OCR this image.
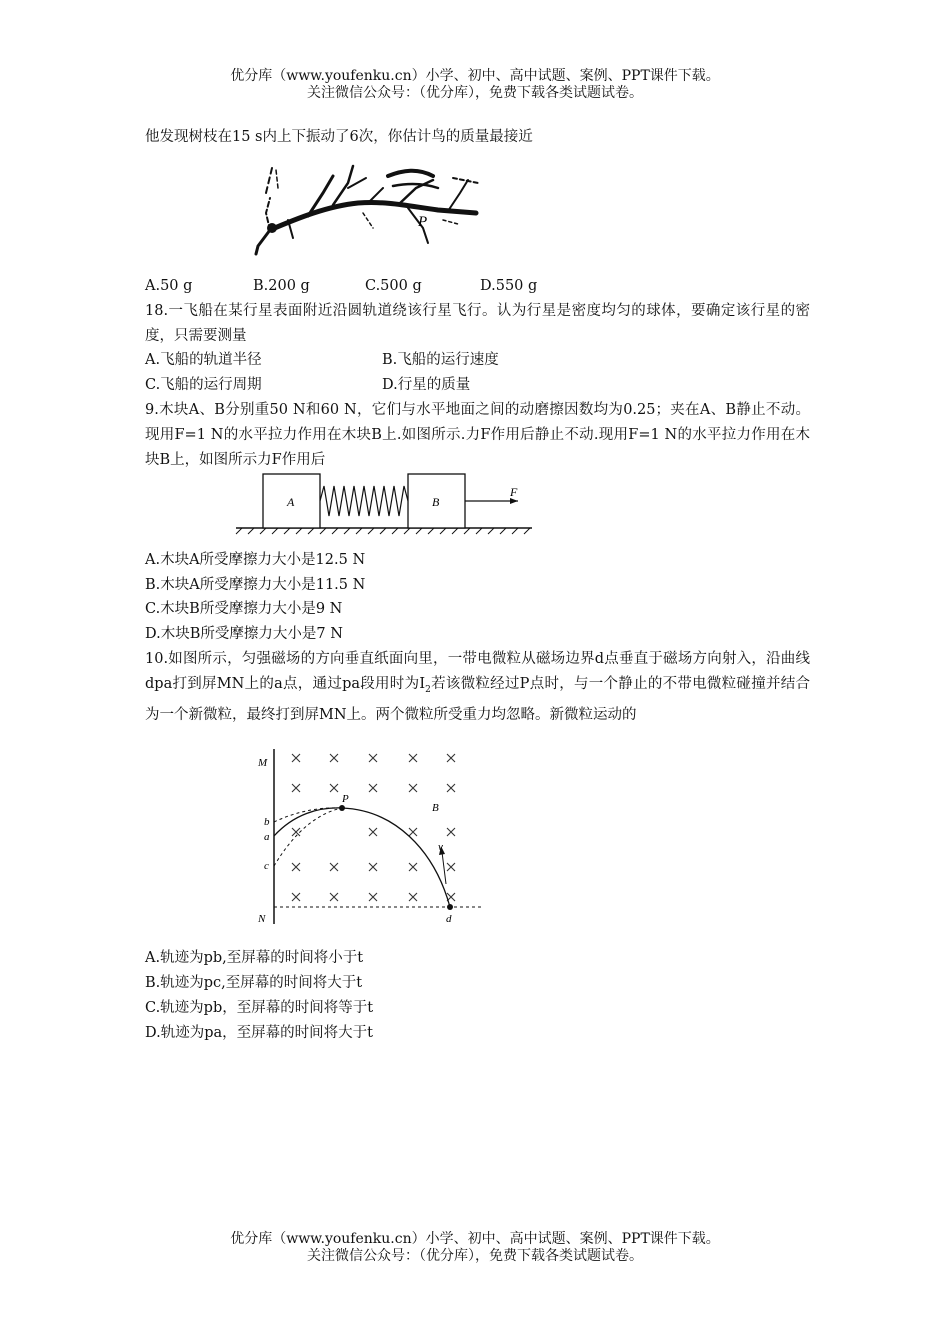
优分库（www.youfenku.cn）小学、初中、高中试题、案例、PPT课件下载。
关注微信公众号：（优分库），免费下载各类试题试卷。
他发现树枝在15 s内上下振动了6次，你估计鸟的质量最接近
P
A.50 g	B.200 g	C.500 g	D.550 g
18.一飞船在某行星表面附近沿圆轨道绕该行星飞行。认为行星是密度均匀的球体，要确定该行星的密度，只需要测量
A.飞船的轨道半径	B.飞船的运行速度
C.飞船的运行周期	D.行星的质量
9.木块A、B分别重50 N和60 N，它们与水平地面之间的动磨擦因数均为0.25；夹在A、B静止不动。现用F=1 N的水平拉力作用在木块B上.如图所示.力F作用后静止不动.现用F=1 N的水平拉力作用在木块B上，如图所示力F作用后
A	B
F
A.木块A所受摩擦力大小是12.5 N
B.木块A所受摩擦力大小是11.5 N
C.木块B所受摩擦力大小是9 N
D.木块B所受摩擦力大小是7 N
10.如图所示，匀强磁场的方向垂直纸面向里，一带电微粒从磁场边界d点垂直于磁场方向射入，沿曲线dpa打到屏MN上的a点，通过pa段用时为$I_2$若该微粒经过P点时，与一个静止的不带电微粒碰撞并结合为一个新微粒，最终打到屏MN上。两个微粒所受重力均忽略。新微粒运动的
M
N
P
B
b
a
c
v
d
A.轨迹为pb,至屏幕的时间将小于t
B.轨迹为pc,至屏幕的时间将大于t
C.轨迹为pb，至屏幕的时间将等于t
D.轨迹为pa，至屏幕的时间将大于t
优分库（www.youfenku.cn）小学、初中、高中试题、案例、PPT课件下载。
关注微信公众号：（优分库），免费下载各类试题试卷。
